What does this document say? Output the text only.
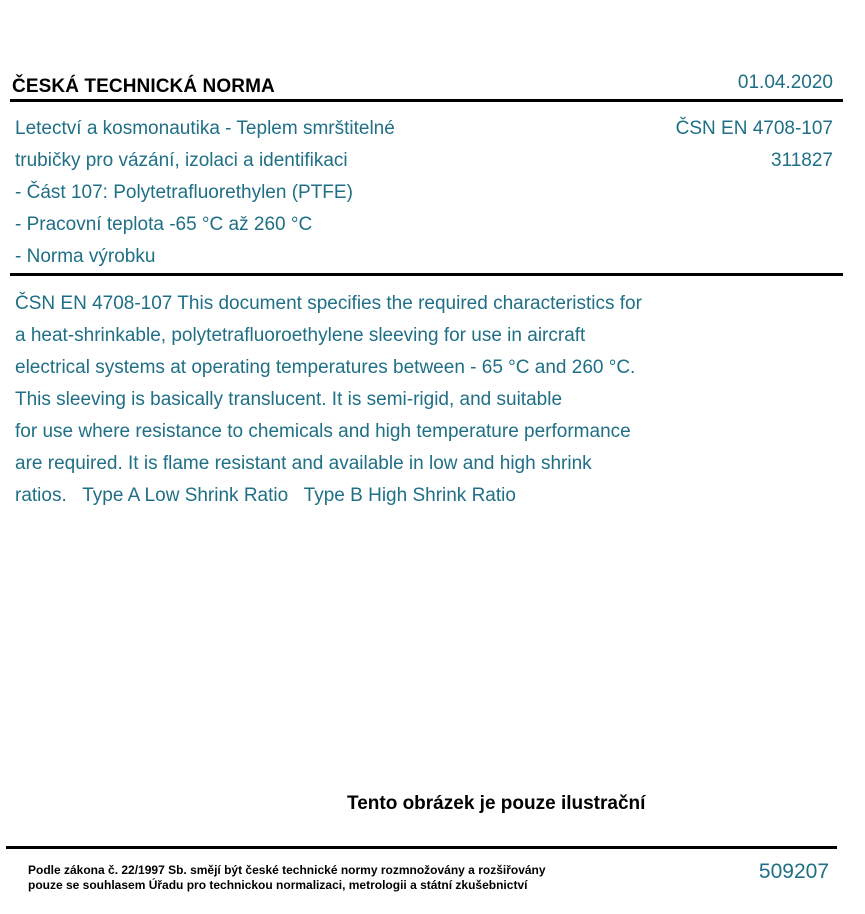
ČESKÁ TECHNICKÁ NORMA	01.04.2020
Letectví a kosmonautika - Teplem smrštitelné
trubičky pro vázání, izolaci a identifikaci
- Část 107: Polytetrafluorethylen (PTFE)
- Pracovní teplota -65 °C až 260 °C
- Norma výrobku
ČSN EN 4708-107
311827
ČSN EN 4708-107 This document specifies the required characteristics for
a heat-shrinkable, polytetrafluoroethylene sleeving for use in aircraft
electrical systems at operating temperatures between - 65 °C and 260 °C.
This sleeving is basically translucent. It is semi-rigid, and suitable
for use where resistance to chemicals and high temperature performance
are required. It is flame resistant and available in low and high shrink
ratios.   Type A Low Shrink Ratio   Type B High Shrink Ratio
Tento obrázek je pouze ilustrační
Podle zákona č. 22/1997 Sb. smějí být české technické normy rozmnožovány a rozšiřovány
pouze se souhlasem Úřadu pro technickou normalizaci, metrologii a státní zkušebnictví
509207
